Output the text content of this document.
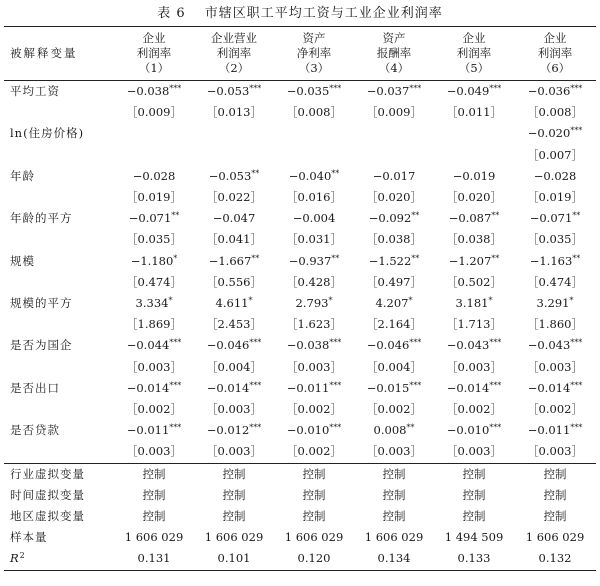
表 6 市辖区职工平均工资与工业企业利润率
被解释变量	企业	企业营业	资产	资产	企业	企业
	利润率	利润率	净利率	报酬率	利润率	利润率
	（1）	（2）	（3）	（4）	（5）	（6）
平均工资	−0.038***	−0.053***	−0.035***	−0.037***	−0.049***	−0.036***
	［0.009］	［0.013］	［0.008］	［0.009］	［0.011］	［0.008］
ln(住房价格)						−0.020***
						［0.007］
年龄	−0.028	−0.053**	−0.040**	−0.017	−0.019	−0.028
	［0.019］	［0.022］	［0.016］	［0.020］	［0.020］	［0.019］
年龄的平方	−0.071**	−0.047	−0.004	−0.092**	−0.087**	−0.071**
	［0.035］	［0.041］	［0.031］	［0.038］	［0.038］	［0.035］
规模	−1.180*	−1.667**	−0.937**	−1.522**	−1.207**	−1.163**
	［0.474］	［0.556］	［0.428］	［0.497］	［0.502］	［0.474］
规模的平方	3.334*	4.611*	2.793*	4.207*	3.181*	3.291*
	［1.869］	［2.453］	［1.623］	［2.164］	［1.713］	［1.860］
是否为国企	−0.044***	−0.046***	−0.038***	−0.046***	−0.043***	−0.043***
	［0.003］	［0.004］	［0.003］	［0.004］	［0.003］	［0.003］
是否出口	−0.014***	−0.014***	−0.011***	−0.015***	−0.014***	−0.014***
	［0.002］	［0.003］	［0.002］	［0.002］	［0.002］	［0.002］
是否贷款	−0.011***	−0.012***	−0.010***	0.008**	−0.010***	−0.011***
	［0.003］	［0.003］	［0.002］	［0.003］	［0.003］	［0.003］
行业虚拟变量	控制	控制	控制	控制	控制	控制
时间虚拟变量	控制	控制	控制	控制	控制	控制
地区虚拟变量	控制	控制	控制	控制	控制	控制
样本量	1 606 029	1 606 029	1 606 029	1 606 029	1 494 509	1 606 029
$R^2$	0.131	0.101	0.120	0.134	0.133	0.132
